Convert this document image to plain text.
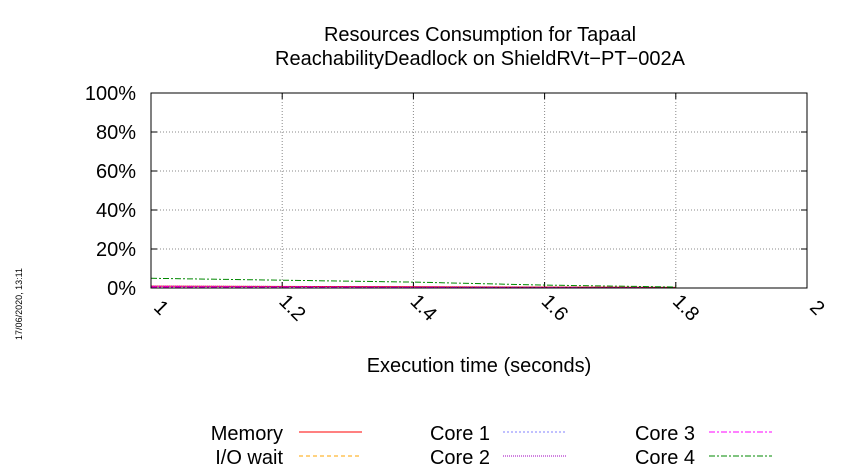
Resources Consumption for Tapaal
ReachabilityDeadlock on ShieldRVt−PT−002A
0%
20%
40%
60%
80%
100%
1	1.2	1.4	1.6	1.8	2
Execution time (seconds)
17/06/2020, 13:11
Memory
I/O wait
Core 1
Core 2
Core 3
Core 4
